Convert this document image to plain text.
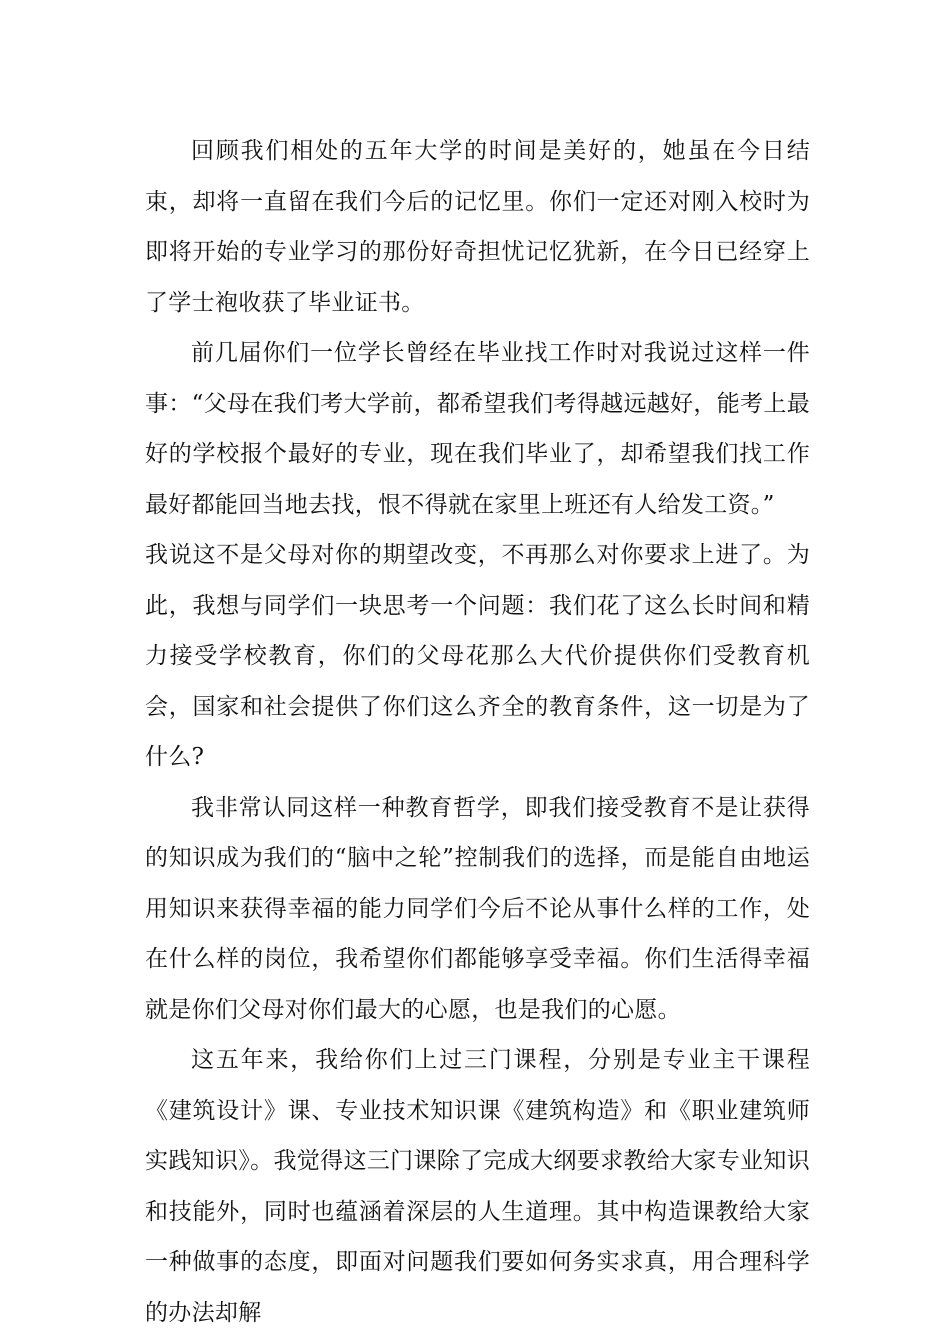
回顾我们相处的五年大学的时间是美好的，她虽在今日结束，却将一直留在我们今后的记忆里。你们一定还对刚入校时为即将开始的专业学习的那份好奇担忧记忆犹新，在今日已经穿上了学士袍收获了毕业证书。

前几届你们一位学长曾经在毕业找工作时对我说过这样一件事：“父母在我们考大学前，都希望我们考得越远越好，能考上最好的学校报个最好的专业，现在我们毕业了，却希望我们找工作最好都能回当地去找，恨不得就在家里上班还有人给发工资。”

我说这不是父母对你的期望改变，不再那么对你要求上进了。为此，我想与同学们一块思考一个问题：我们花了这么长时间和精力接受学校教育，你们的父母花那么大代价提供你们受教育机会，国家和社会提供了你们这么齐全的教育条件，这一切是为了什么?

我非常认同这样一种教育哲学，即我们接受教育不是让获得的知识成为我们的“脑中之轮”控制我们的选择，而是能自由地运用知识来获得幸福的能力同学们今后不论从事什么样的工作，处在什么样的岗位，我希望你们都能够享受幸福。你们生活得幸福就是你们父母对你们最大的心愿，也是我们的心愿。

这五年来，我给你们上过三门课程，分别是专业主干课程《建筑设计》课、专业技术知识课《建筑构造》和《职业建筑师实践知识》。我觉得这三门课除了完成大纲要求教给大家专业知识和技能外，同时也蕴涵着深层的人生道理。其中构造课教给大家一种做事的态度，即面对问题我们要如何务实求真，用合理科学的办法却解
